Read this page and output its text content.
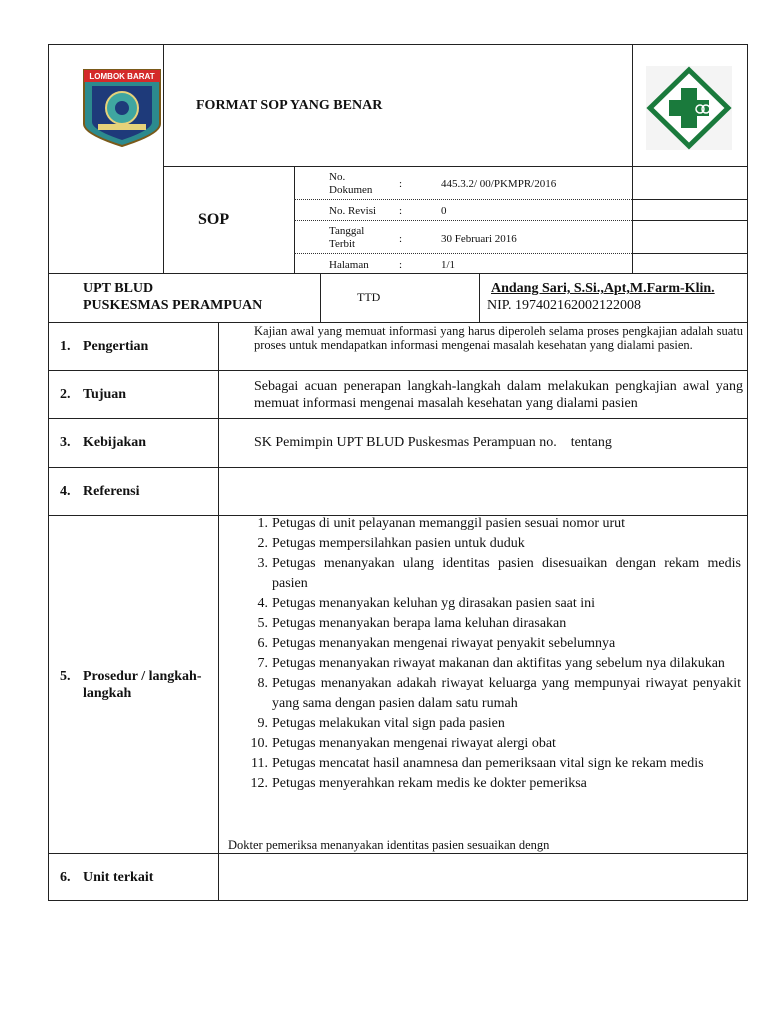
LOMBOK BARAT
FORMAT SOP YANG BENAR
SOP
No. Dokumen	:	445.3.2/ 00/PKMPR/2016
No. Revisi :	0
Tanggal Terbit	:	30 Februari 2016
Halaman	:	1/1
UPT BLUD
PUSKESMAS PERAMPUAN
TTD
Andang Sari, S.Si.,Apt,M.Farm-Klin.
NIP. 197402162002122008
1. Pengertian
Kajian awal yang memuat informasi yang harus diperoleh selama proses pengkajian adalah suatu proses untuk mendapatkan informasi mengenai masalah kesehatan yang dialami pasien.
2. Tujuan
Sebagai acuan penerapan langkah-langkah dalam melakukan pengkajian awal yang memuat informasi mengenai masalah kesehatan yang dialami pasien
3. Kebijakan	SK Pemimpin UPT BLUD Puskesmas Perampuan no.    tentang
4. Referensi
5. Prosedur / langkah-
langkah
1. Petugas di unit pelayanan memanggil pasien sesuai nomor urut
2. Petugas mempersilahkan pasien untuk duduk
3. Petugas menanyakan ulang identitas pasien disesuaikan dengan rekam medis pasien
4. Petugas menanyakan keluhan yg dirasakan pasien saat ini
5. Petugas menanyakan berapa lama keluhan dirasakan
6. Petugas menanyakan mengenai riwayat penyakit sebelumnya
7. Petugas menanyakan riwayat makanan dan aktifitas yang sebelum nya dilakukan
8. Petugas menanyakan adakah riwayat keluarga yang mempunyai riwayat penyakit yang sama dengan pasien dalam satu rumah
9. Petugas melakukan vital sign pada pasien
10. Petugas menanyakan mengenai riwayat alergi obat
11. Petugas mencatat hasil anamnesa dan pemeriksaan vital sign ke rekam medis
12. Petugas menyerahkan rekam medis ke dokter pemeriksa
Dokter pemeriksa menanyakan identitas pasien sesuaikan dengn
6. Unit terkait
